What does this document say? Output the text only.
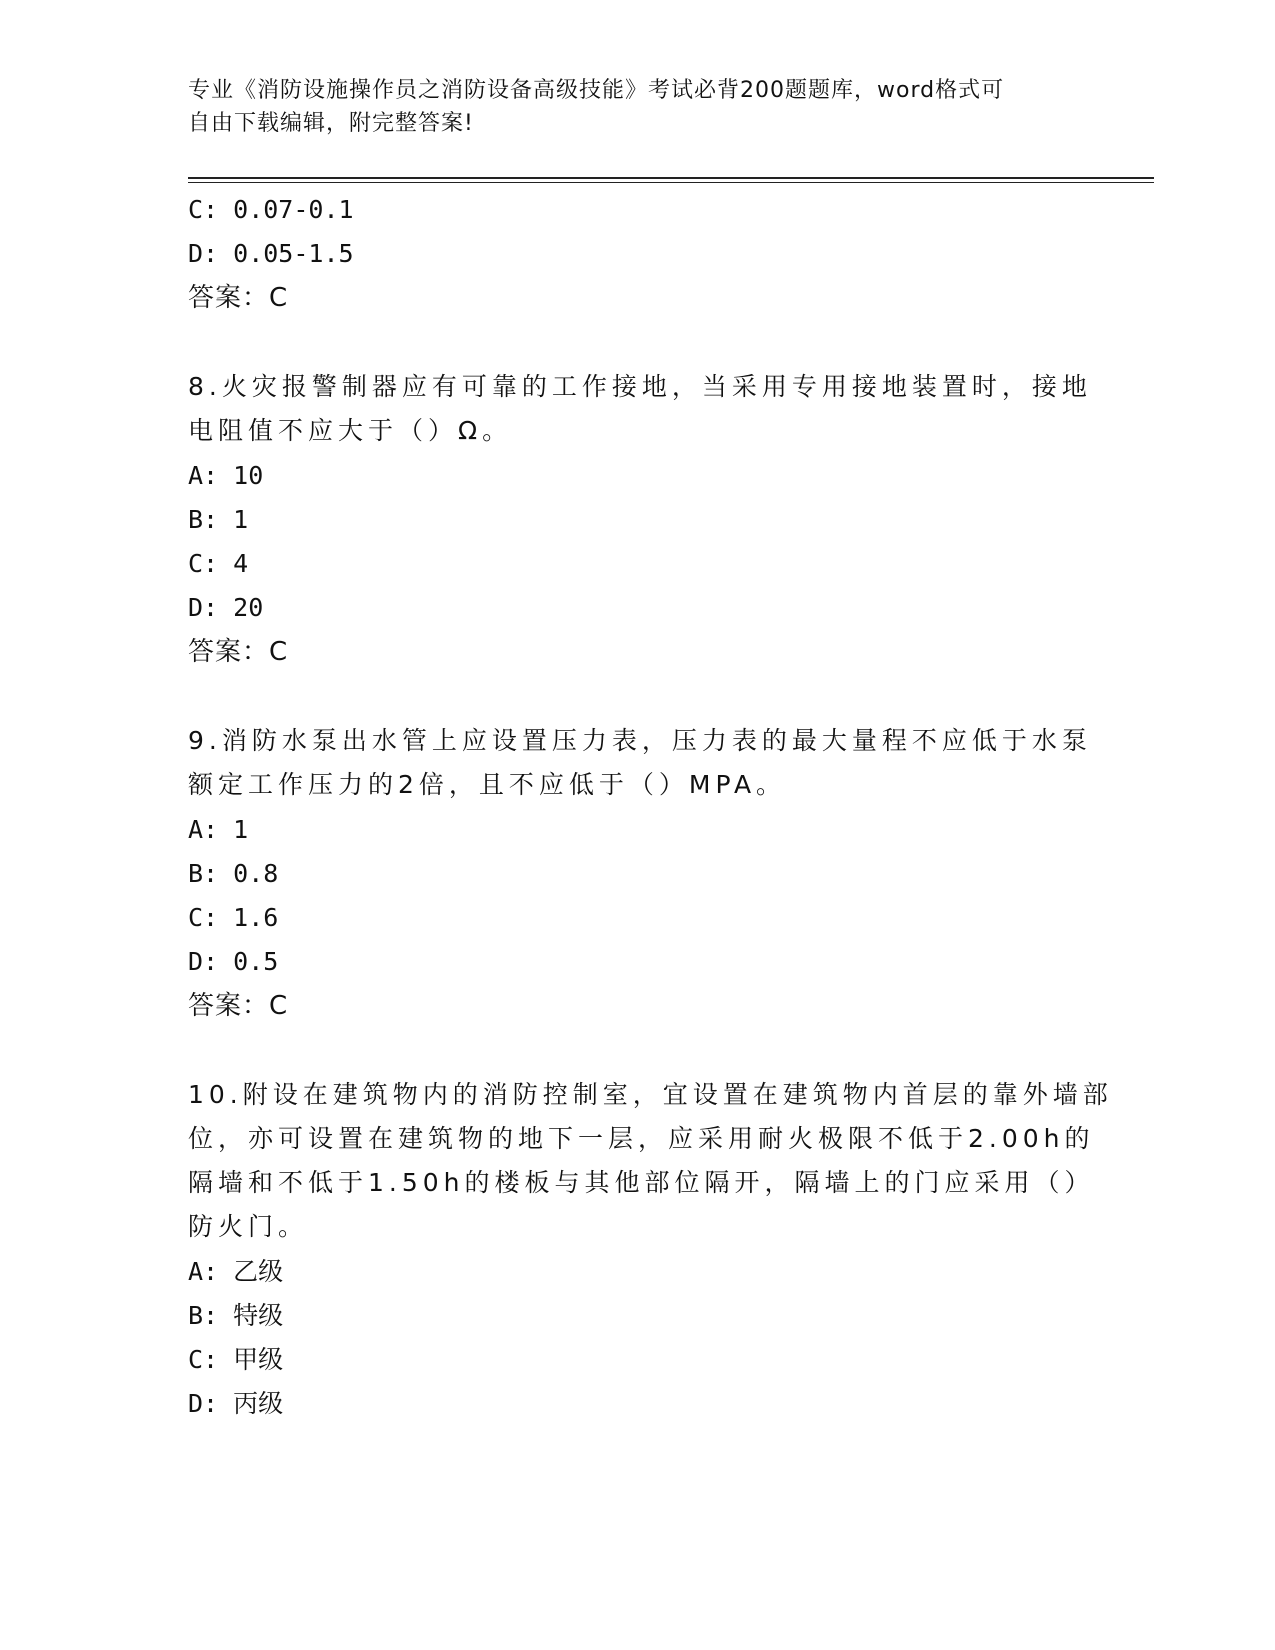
专业《消防设施操作员之消防设备高级技能》考试必背200题题库，word格式可
自由下载编辑，附完整答案!
C: 0.07-0.1
D: 0.05-1.5
答案：C
8.火灾报警制器应有可靠的工作接地，当采用专用接地装置时，接地
电阻值不应大于（）Ω。
A: 10
B: 1
C: 4
D: 20
答案：C
9.消防水泵出水管上应设置压力表，压力表的最大量程不应低于水泵
额定工作压力的2倍，且不应低于（）MPA。
A: 1
B: 0.8
C: 1.6
D: 0.5
答案：C
10.附设在建筑物内的消防控制室，宜设置在建筑物内首层的靠外墙部
位，亦可设置在建筑物的地下一层，应采用耐火极限不低于2.00h的
隔墙和不低于1.50h的楼板与其他部位隔开，隔墙上的门应采用（）
防火门。
A: 乙级
B: 特级
C: 甲级
D: 丙级
